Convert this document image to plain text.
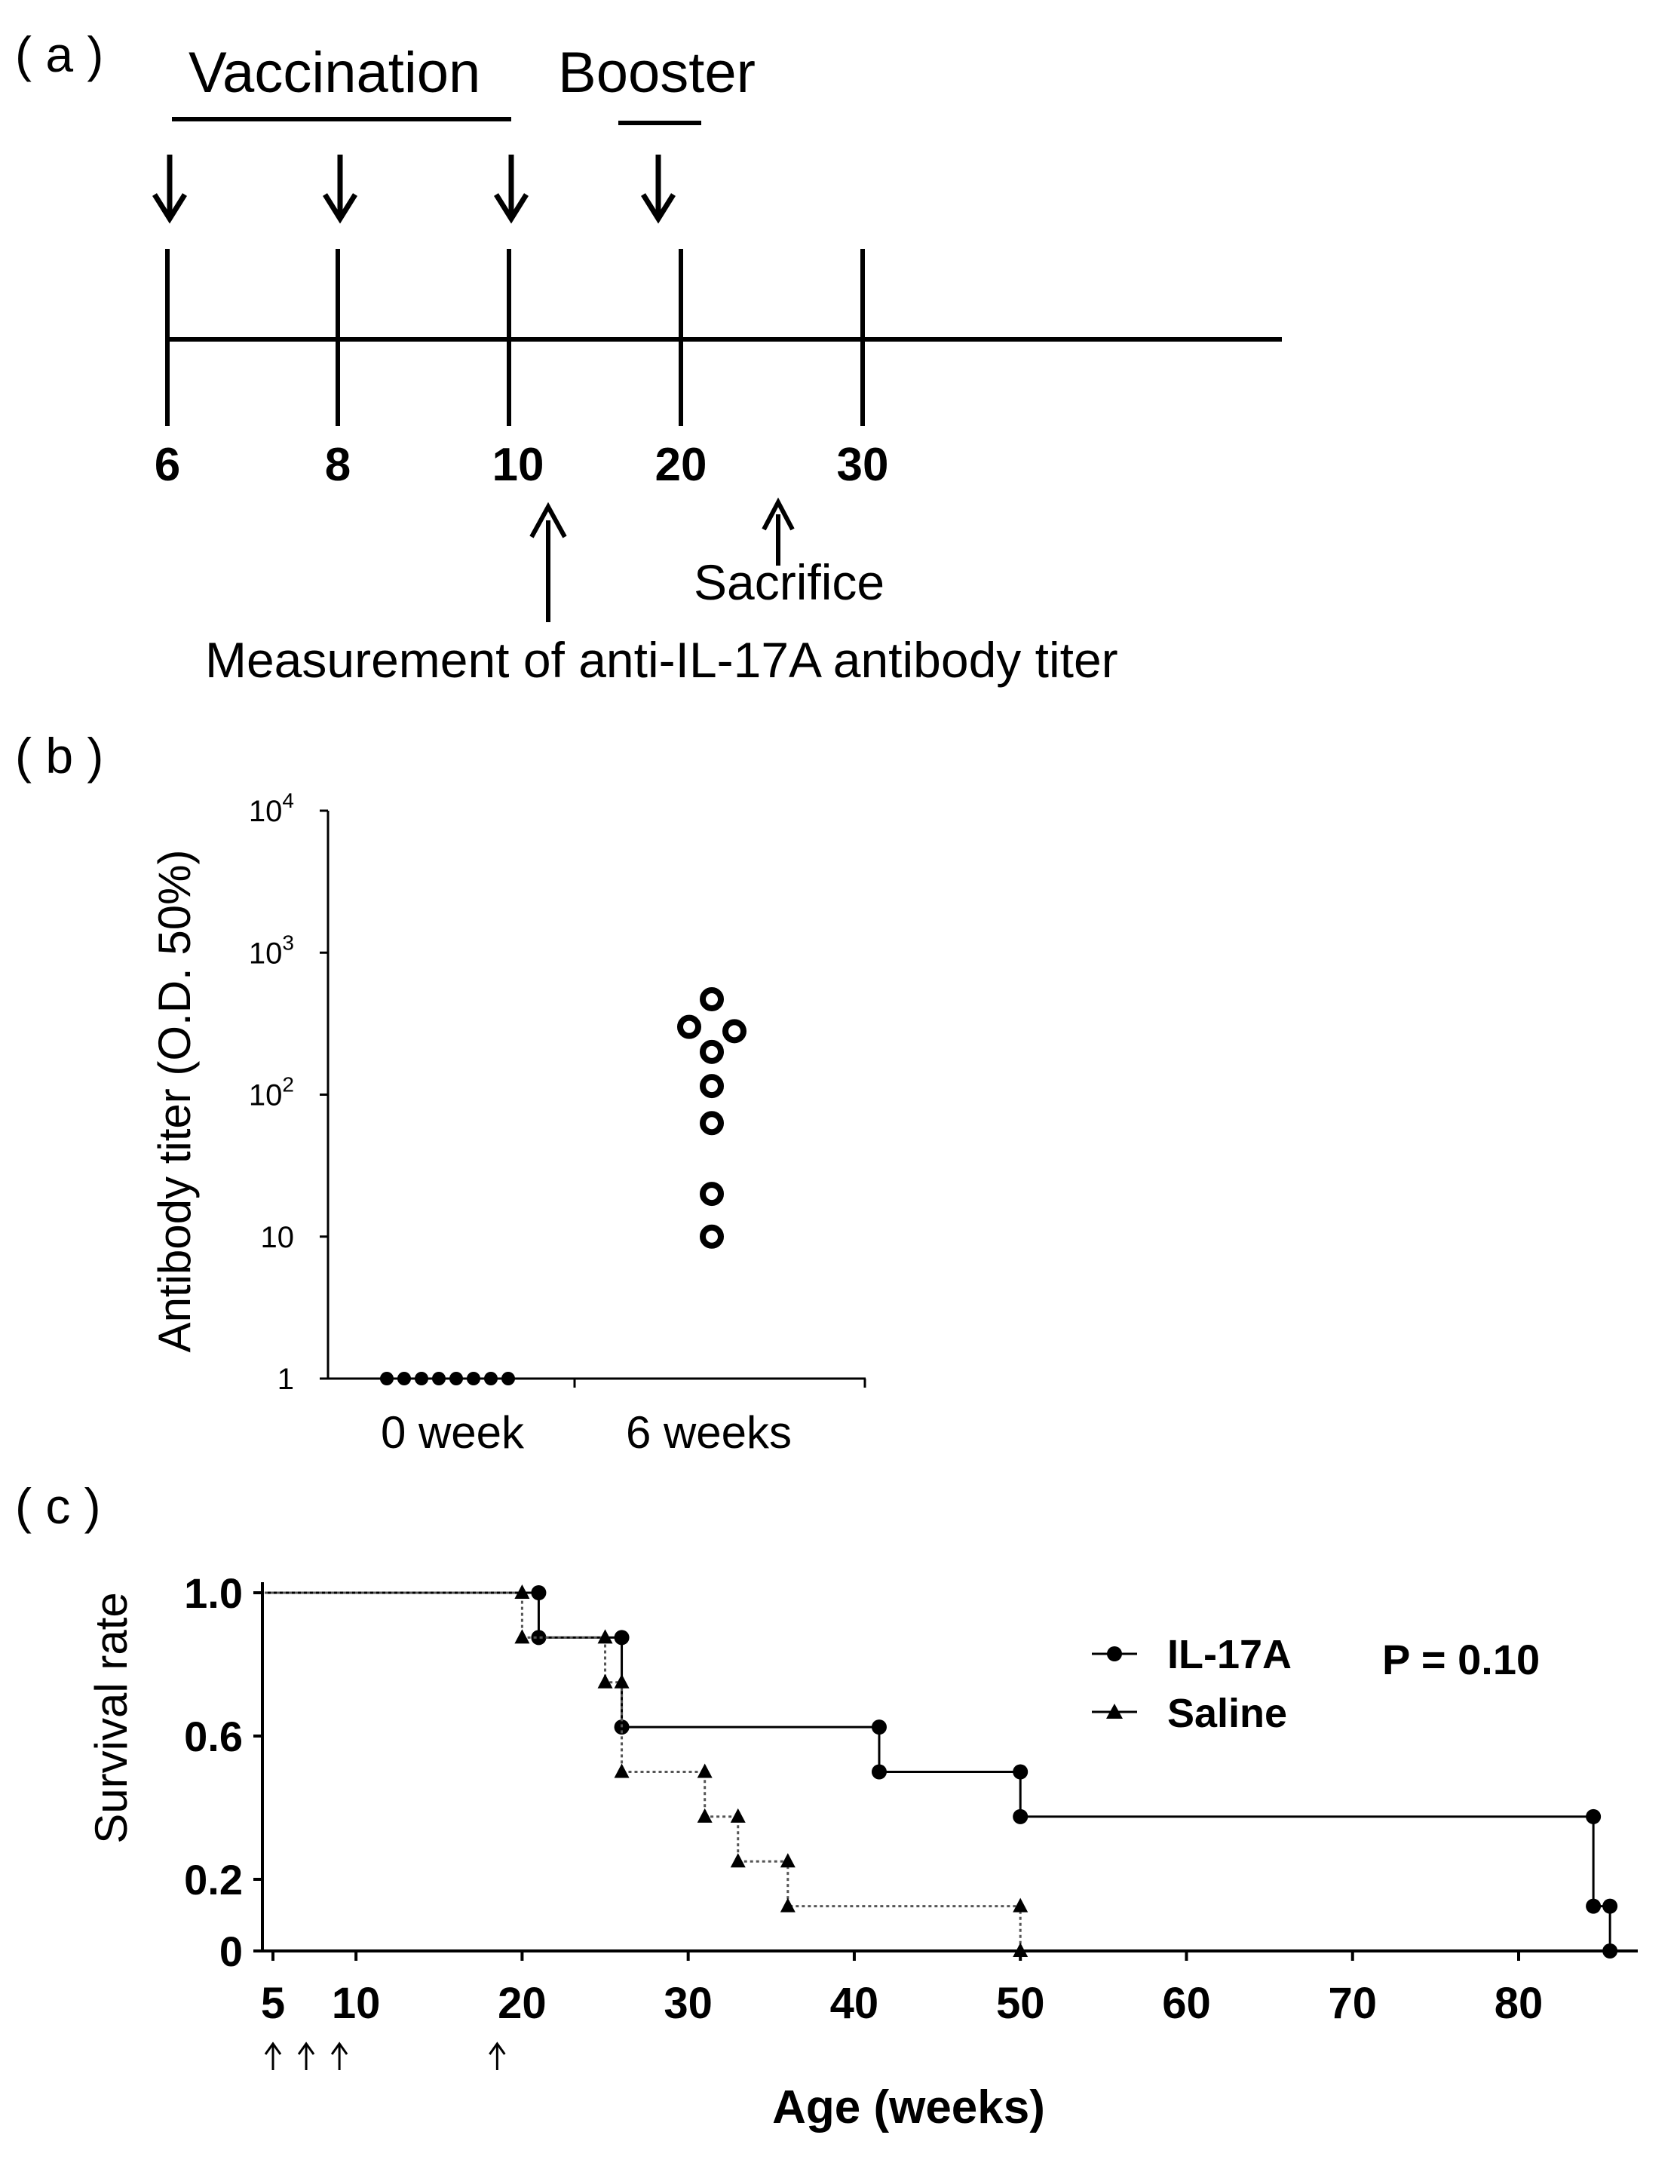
( a ) Vaccination Booster
6	8	10 20	30
Sacrifice
Measurement of anti-IL-17A antibody titer
( b )
Antibody titer (O.D. 50%)
1
10
$10^2$
$10^3$
$10^4$
0 week 6 weeks
( c )
Survival rate
0
0.2
0.6
1.0
5 10	20	30	40	50	60	70	80
Age (weeks)
IL-17A
Saline
P = 0.10
